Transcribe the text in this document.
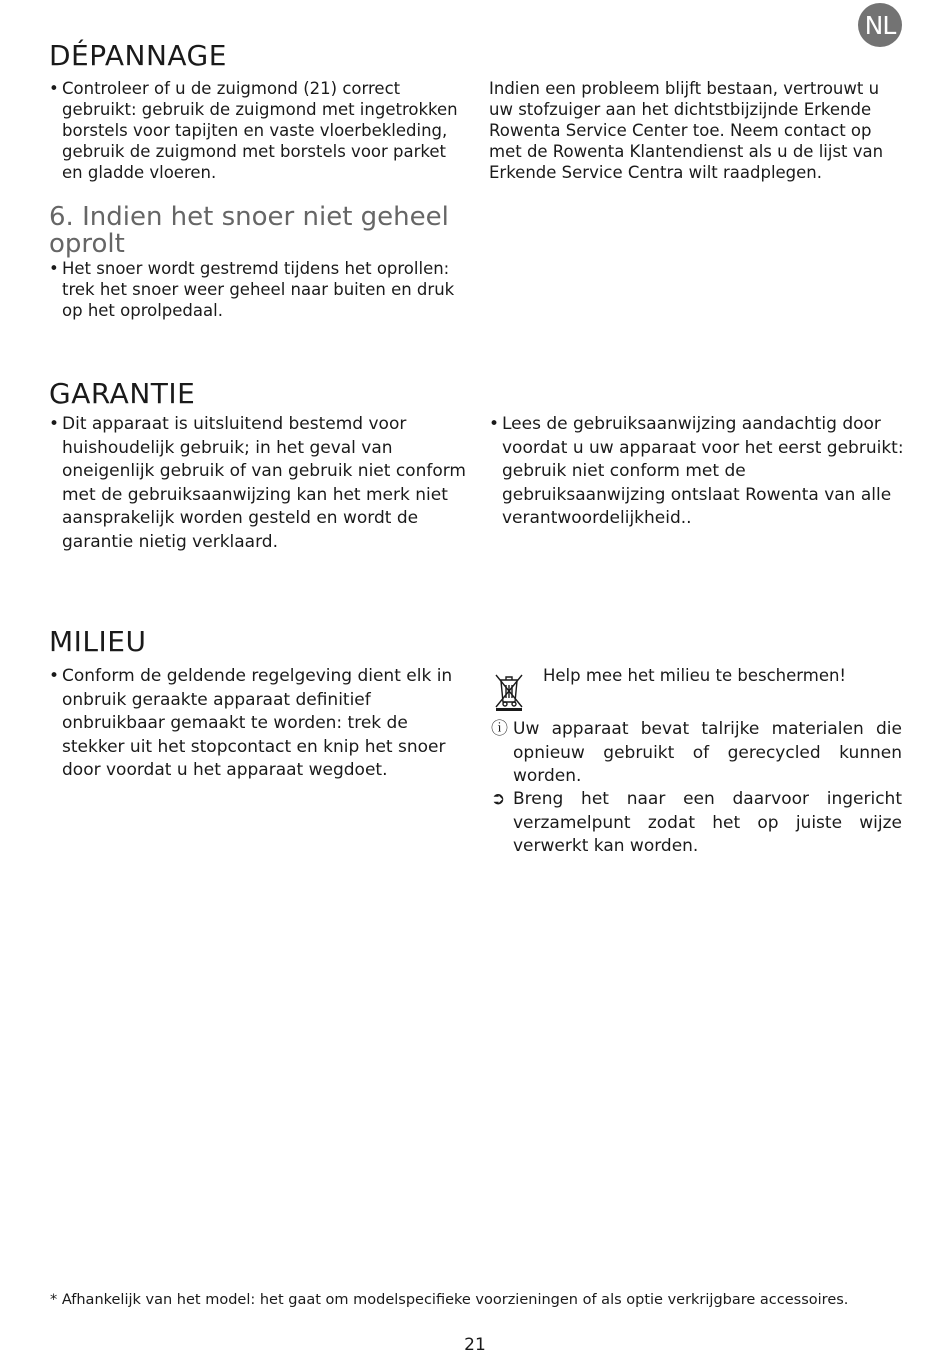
NL
DÉPANNAGE
• Controleer of u de zuigmond (21) correct gebruikt: gebruik de zuigmond met ingetrokken borstels voor tapijten en vaste vloerbekleding, gebruik de zuigmond met borstels voor parket en gladde vloeren.
Indien een probleem blijft bestaan, vertrouwt u uw stofzuiger aan het dichtstbijzijnde Erkende Rowenta Service Center toe. Neem contact op met de Rowenta Klantendienst als u de lijst van Erkende Service Centra wilt raadplegen.
6. Indien het snoer niet geheel oprolt
• Het snoer wordt gestremd tijdens het oprollen: trek het snoer weer geheel naar buiten en druk op het oprolpedaal.
GARANTIE
• Dit apparaat is uitsluitend bestemd voor huishoudelijk gebruik; in het geval van oneigenlijk gebruik of van gebruik niet conform met de gebruiksaanwijzing kan het merk niet aansprakelijk worden gesteld en wordt de garantie nietig verklaard.
• Lees de gebruiksaanwijzing aandachtig door voordat u uw apparaat voor het eerst gebruikt: gebruik niet conform met de gebruiksaanwijzing ontslaat Rowenta van alle verantwoordelijkheid..
MILIEU
• Conform de geldende regelgeving dient elk in onbruik geraakte apparaat definitief onbruikbaar gemaakt te worden: trek de stekker uit het stopcontact en knip het snoer door voordat u het apparaat wegdoet.
Help mee het milieu te beschermen!
ⓘ Uw apparaat bevat talrijke materialen die opnieuw gebruikt of gerecycled kunnen worden.
➲ Breng het naar een daarvoor ingericht verzamelpunt zodat het op juiste wijze verwerkt kan worden.
* Afhankelijk van het model: het gaat om modelspecifieke voorzieningen of als optie verkrijgbare accessoires.
21
